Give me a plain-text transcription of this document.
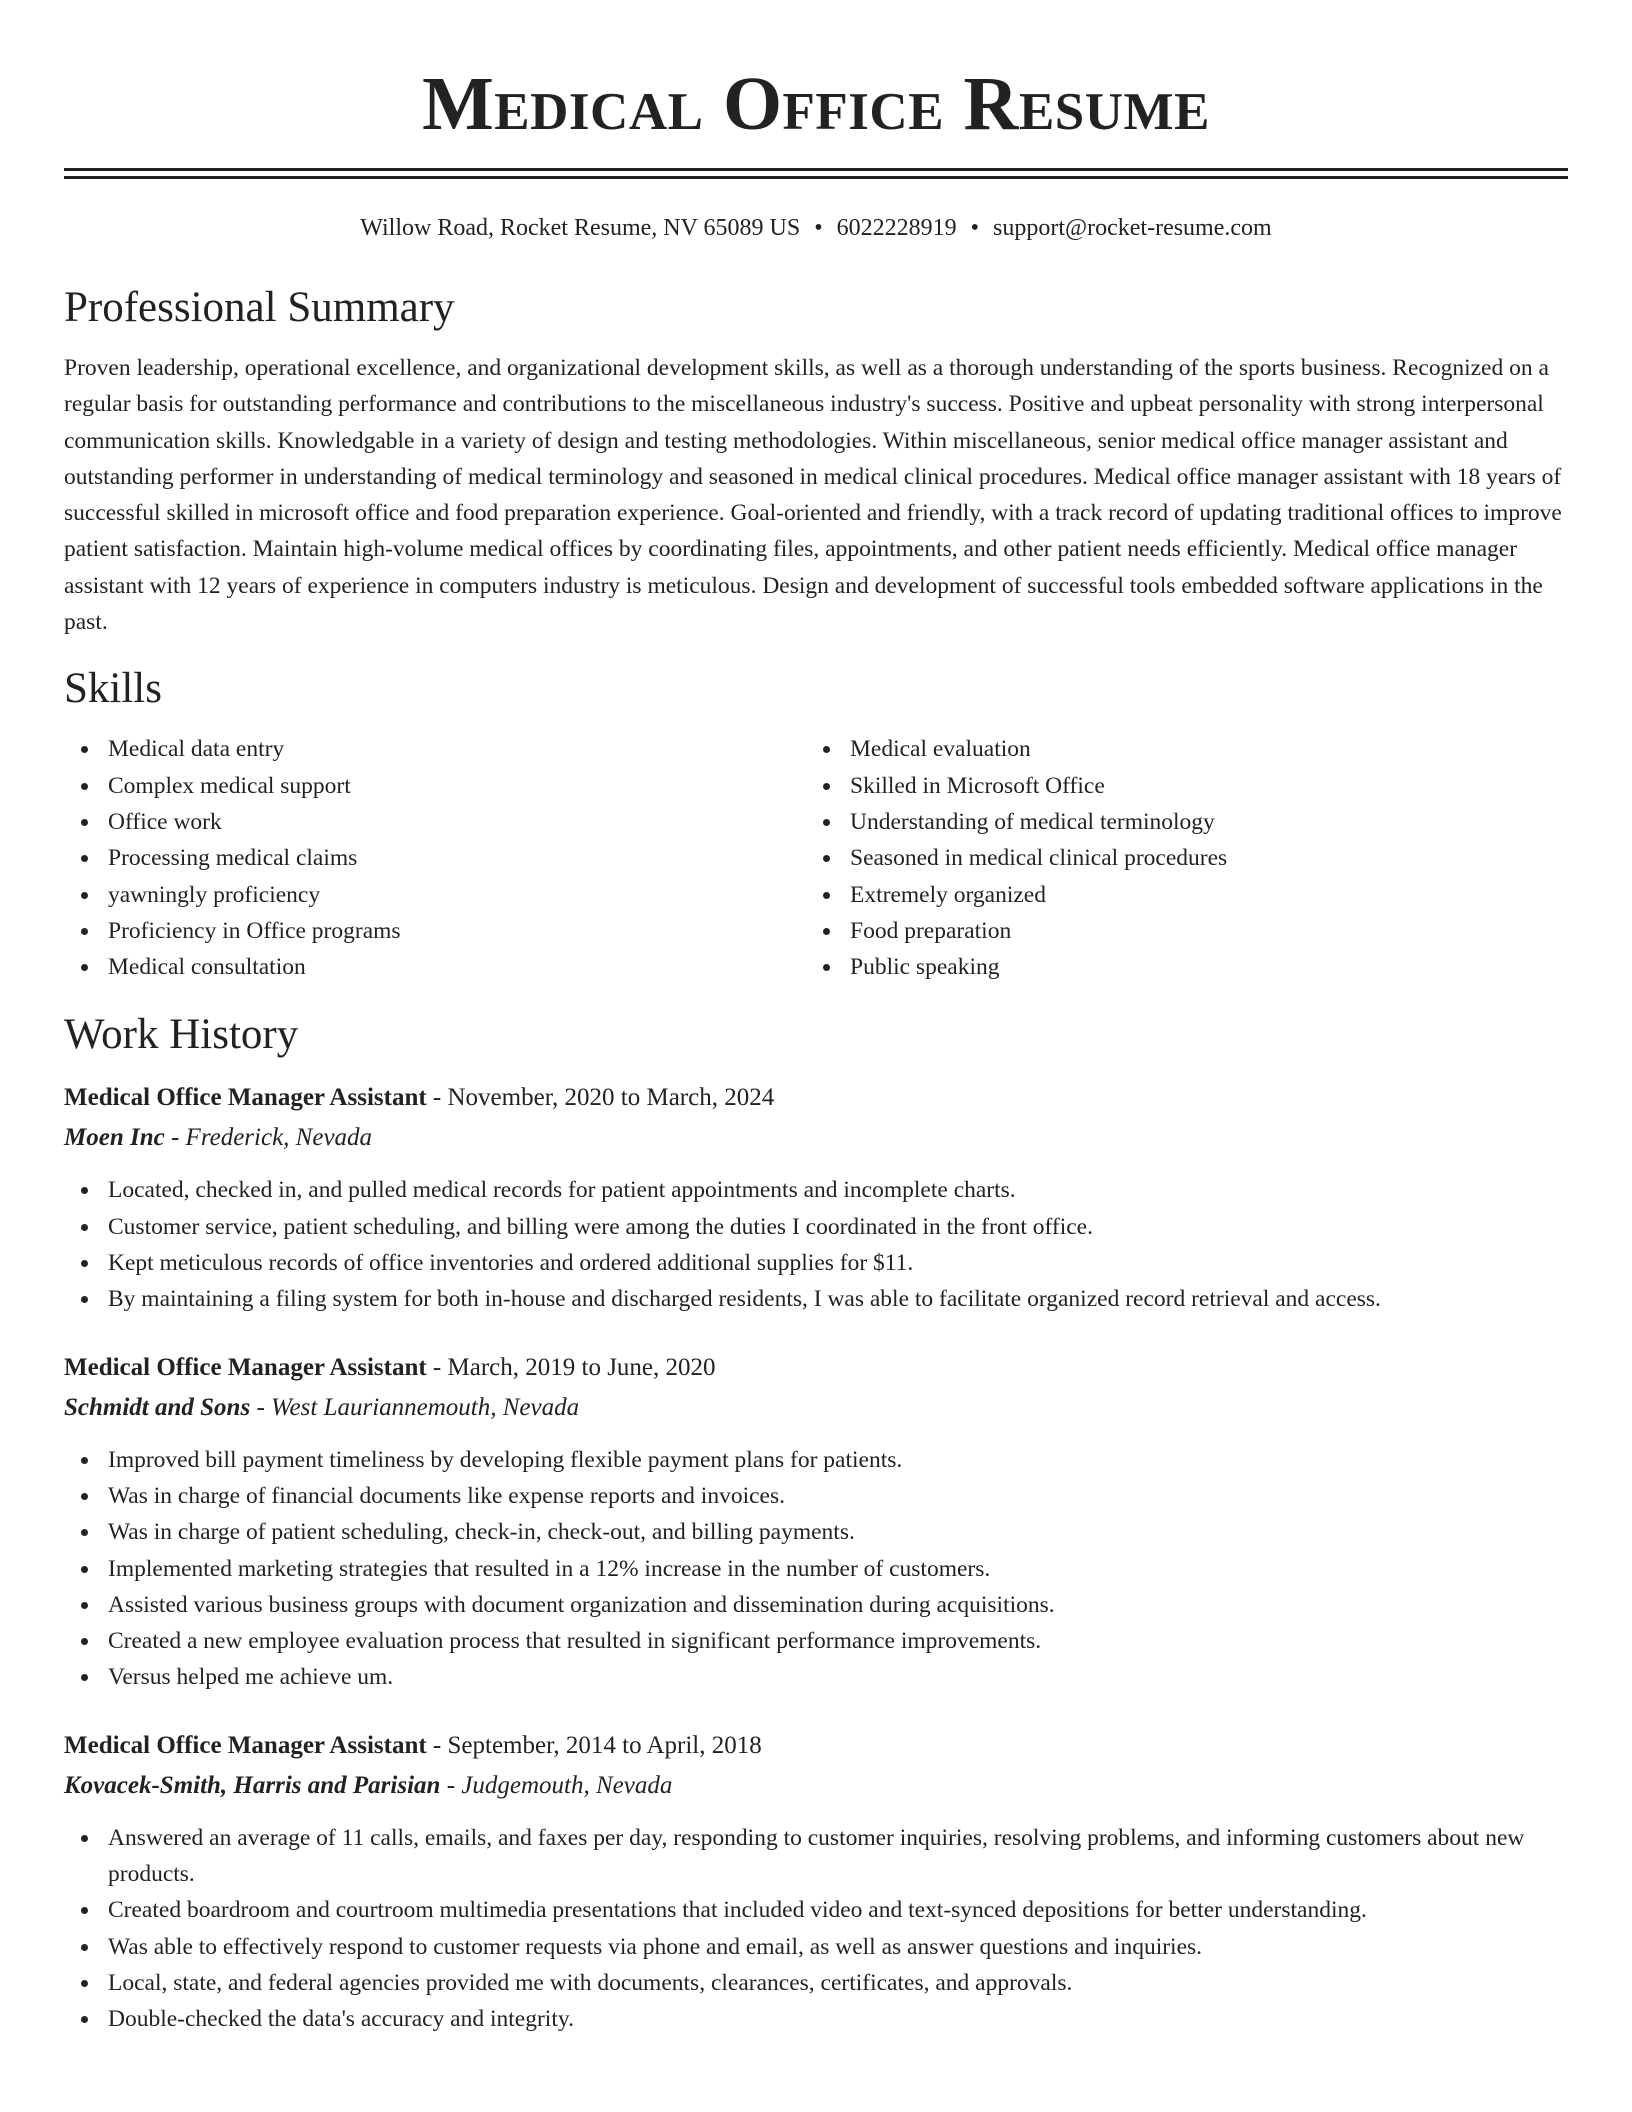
Medical Office Resume
Willow Road, Rocket Resume, NV 65089 US • 6022228919 • support@rocket-resume.com
Professional Summary
Proven leadership, operational excellence, and organizational development skills, as well as a thorough understanding of the sports business. Recognized on a regular basis for outstanding performance and contributions to the miscellaneous industry's success. Positive and upbeat personality with strong interpersonal communication skills. Knowledgable in a variety of design and testing methodologies. Within miscellaneous, senior medical office manager assistant and outstanding performer in understanding of medical terminology and seasoned in medical clinical procedures. Medical office manager assistant with 18 years of successful skilled in microsoft office and food preparation experience. Goal-oriented and friendly, with a track record of updating traditional offices to improve patient satisfaction. Maintain high-volume medical offices by coordinating files, appointments, and other patient needs efficiently. Medical office manager assistant with 12 years of experience in computers industry is meticulous. Design and development of successful tools embedded software applications in the past.
Skills
Medical data entry
Complex medical support
Office work
Processing medical claims
yawningly proficiency
Proficiency in Office programs
Medical consultation
Medical evaluation
Skilled in Microsoft Office
Understanding of medical terminology
Seasoned in medical clinical procedures
Extremely organized
Food preparation
Public speaking
Work History
Medical Office Manager Assistant - November, 2020 to March, 2024
Moen Inc - Frederick, Nevada
Located, checked in, and pulled medical records for patient appointments and incomplete charts.
Customer service, patient scheduling, and billing were among the duties I coordinated in the front office.
Kept meticulous records of office inventories and ordered additional supplies for $11.
By maintaining a filing system for both in-house and discharged residents, I was able to facilitate organized record retrieval and access.
Medical Office Manager Assistant - March, 2019 to June, 2020
Schmidt and Sons - West Lauriannemouth, Nevada
Improved bill payment timeliness by developing flexible payment plans for patients.
Was in charge of financial documents like expense reports and invoices.
Was in charge of patient scheduling, check-in, check-out, and billing payments.
Implemented marketing strategies that resulted in a 12% increase in the number of customers.
Assisted various business groups with document organization and dissemination during acquisitions.
Created a new employee evaluation process that resulted in significant performance improvements.
Versus helped me achieve um.
Medical Office Manager Assistant - September, 2014 to April, 2018
Kovacek-Smith, Harris and Parisian - Judgemouth, Nevada
Answered an average of 11 calls, emails, and faxes per day, responding to customer inquiries, resolving problems, and informing customers about new products.
Created boardroom and courtroom multimedia presentations that included video and text-synced depositions for better understanding.
Was able to effectively respond to customer requests via phone and email, as well as answer questions and inquiries.
Local, state, and federal agencies provided me with documents, clearances, certificates, and approvals.
Double-checked the data's accuracy and integrity.
